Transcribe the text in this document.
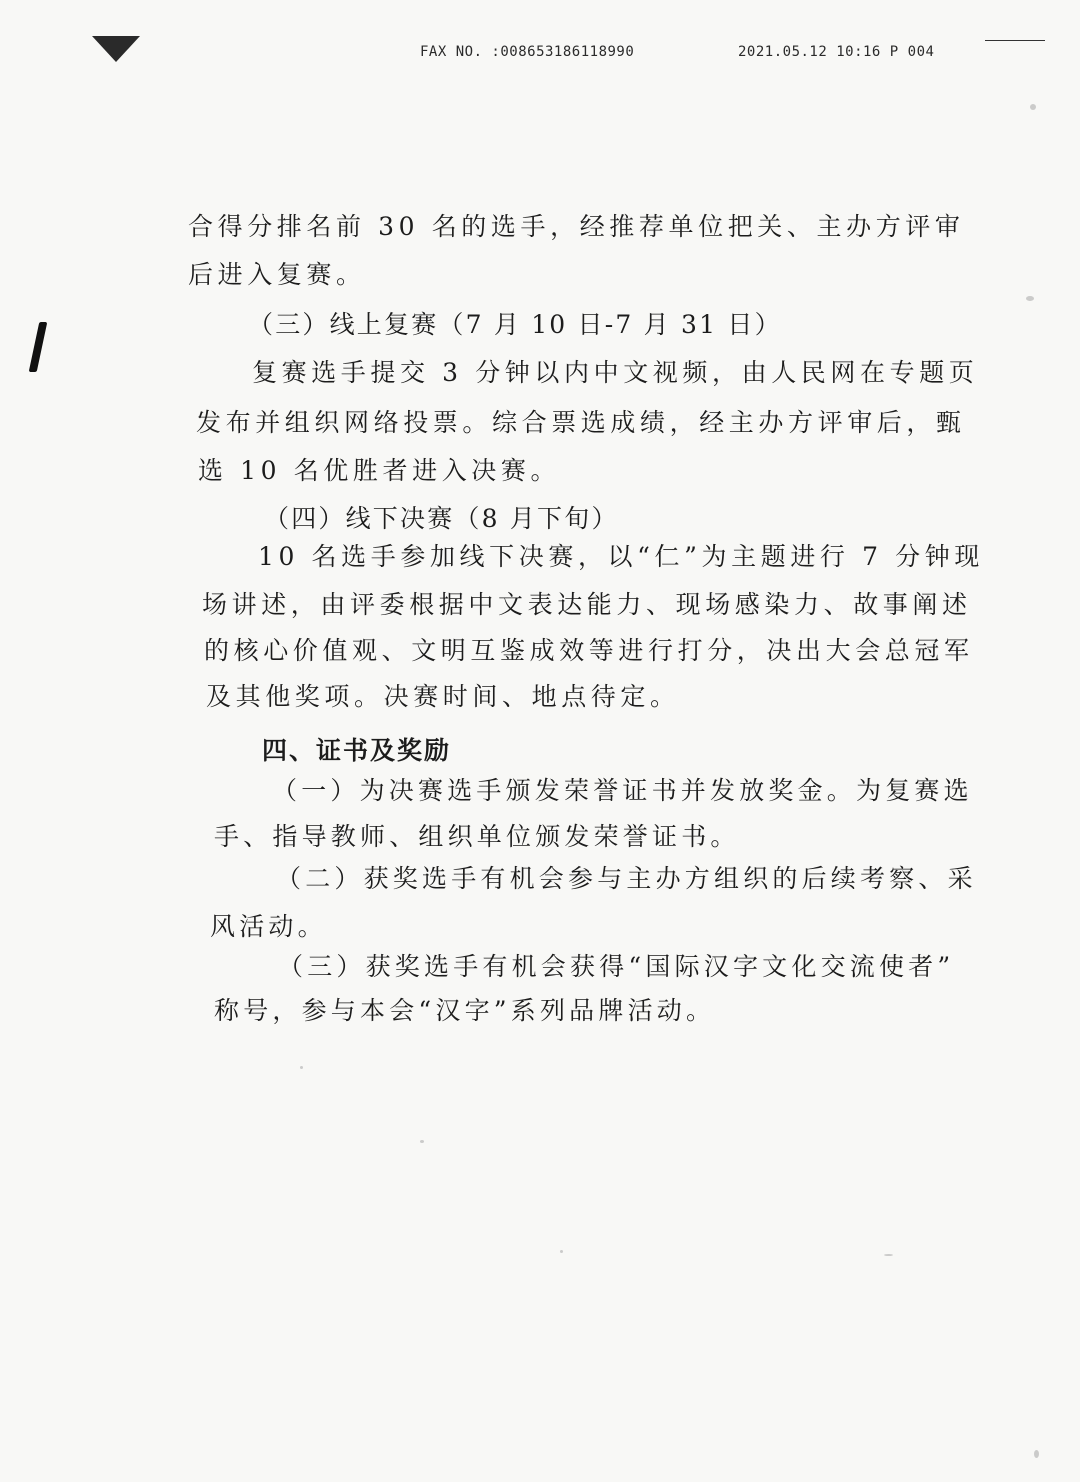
FAX NO. :008653186118990	2021.05.12 10:16 P 004
合得分排名前 30 名的选手，经推荐单位把关、主办方评审
后进入复赛。
（三）线上复赛（7 月 10 日-7 月 31 日）
复赛选手提交 3 分钟以内中文视频，由人民网在专题页
发布并组织网络投票。综合票选成绩，经主办方评审后，甄
选 10 名优胜者进入决赛。
（四）线下决赛（8 月下旬）
10 名选手参加线下决赛，以“仁”为主题进行 7 分钟现
场讲述，由评委根据中文表达能力、现场感染力、故事阐述
的核心价值观、文明互鉴成效等进行打分，决出大会总冠军
及其他奖项。决赛时间、地点待定。
四、证书及奖励
（一）为决赛选手颁发荣誉证书并发放奖金。为复赛选
手、指导教师、组织单位颁发荣誉证书。
（二）获奖选手有机会参与主办方组织的后续考察、采
风活动。
（三）获奖选手有机会获得“国际汉字文化交流使者”
称号，参与本会“汉字”系列品牌活动。
